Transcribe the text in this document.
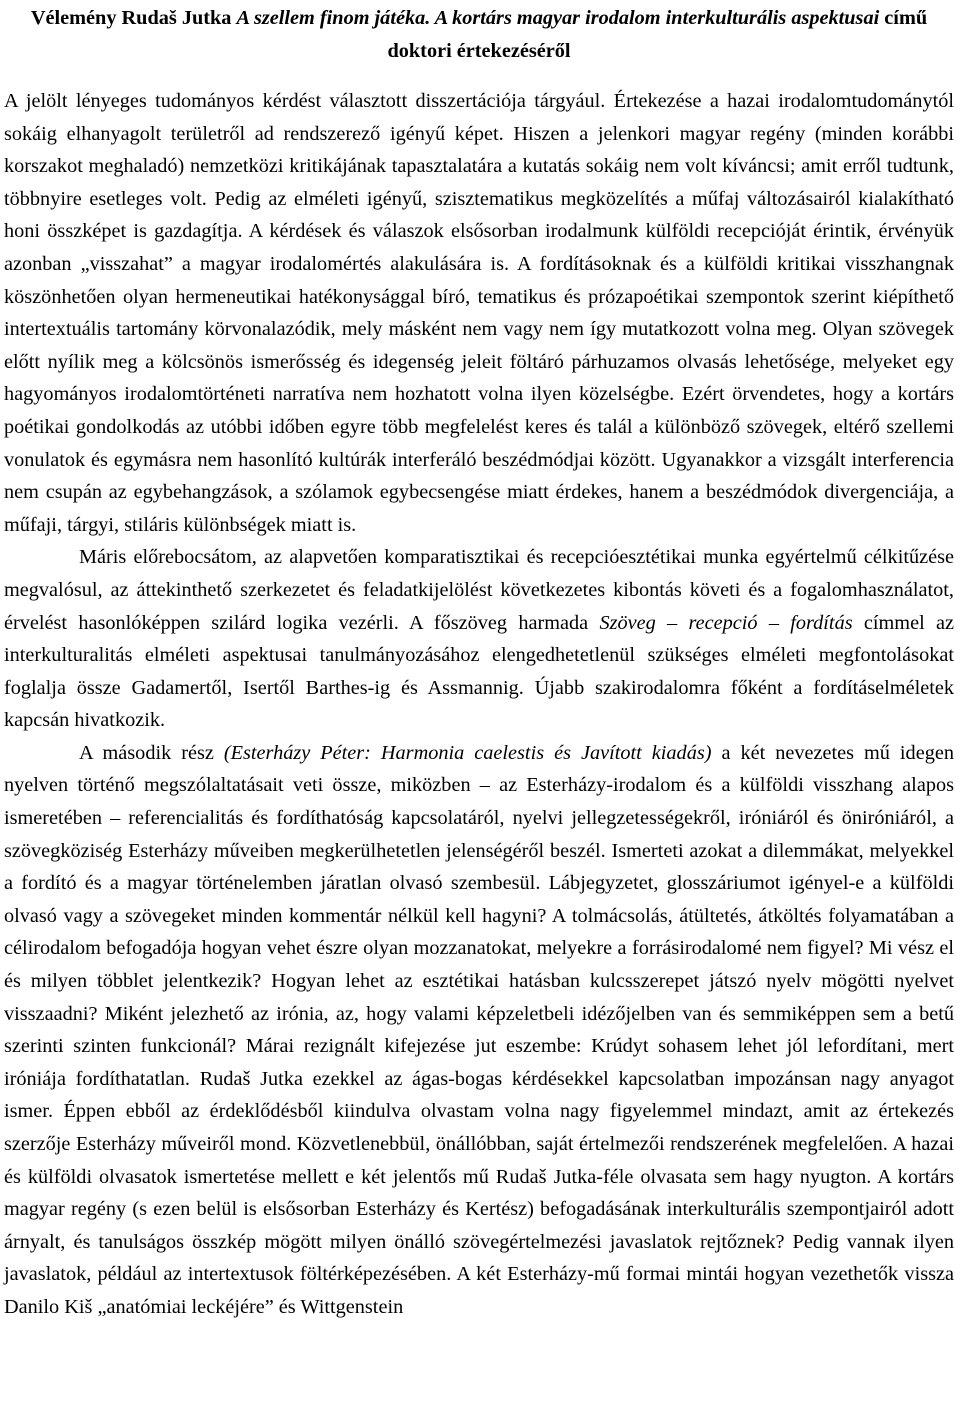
Vélemény Rudaš Jutka A szellem finom játéka. A kortárs magyar irodalom interkulturális aspektusai című doktori értekezéséről

A jelölt lényeges tudományos kérdést választott disszertációja tárgyául. Értekezése a hazai irodalomtudománytól sokáig elhanyagolt területről ad rendszerező igényű képet. Hiszen a jelenkori magyar regény (minden korábbi korszakot meghaladó) nemzetközi kritikájának tapasztalatára a kutatás sokáig nem volt kíváncsi; amit erről tudtunk, többnyire esetleges volt. Pedig az elméleti igényű, szisztematikus megközelítés a műfaj változásairól kialakítható honi összképet is gazdagítja. A kérdések és válaszok elsősorban irodalmunk külföldi recepcióját érintik, érvényük azonban „visszahat” a magyar irodalomértés alakulására is. A fordításoknak és a külföldi kritikai visszhangnak köszönhetően olyan hermeneutikai hatékonysággal bíró, tematikus és prózapoétikai szempontok szerint kiépíthető intertextuális tartomány körvonalazódik, mely másként nem vagy nem így mutatkozott volna meg. Olyan szövegek előtt nyílik meg a kölcsönös ismerősség és idegenség jeleit föltáró párhuzamos olvasás lehetősége, melyeket egy hagyományos irodalomtörténeti narratíva nem hozhatott volna ilyen közelségbe. Ezért örvendetes, hogy a kortárs poétikai gondolkodás az utóbbi időben egyre több megfelelést keres és talál a különböző szövegek, eltérő szellemi vonulatok és egymásra nem hasonlító kultúrák interferáló beszédmódjai között. Ugyanakkor a vizsgált interferencia nem csupán az egybehangzások, a szólamok egybecsengése miatt érdekes, hanem a beszédmódok divergenciája, a műfaji, tárgyi, stiláris különbségek miatt is.

Máris előrebocsátom, az alapvetően komparatisztikai és recepcióesztétikai munka egyértelmű célkitűzése megvalósul, az áttekinthető szerkezetet és feladatkijelölést következetes kibontás követi és a fogalomhasználatot, érvelést hasonlóképpen szilárd logika vezérli. A főszöveg harmada Szöveg – recepció – fordítás címmel az interkulturalitás elméleti aspektusai tanulmányozásához elengedhetetlenül szükséges elméleti megfontolásokat foglalja össze Gadamertől, Isertől Barthes-ig és Assmannig. Újabb szakirodalomra főként a fordításelméletek kapcsán hivatkozik.

A második rész (Esterházy Péter: Harmonia caelestis és Javított kiadás) a két nevezetes mű idegen nyelven történő megszólaltatásait veti össze, miközben – az Esterházy-irodalom és a külföldi visszhang alapos ismeretében – referencialitás és fordíthatóság kapcsolatáról, nyelvi jellegzetességekről, iróniáról és öniróniáról, a szövegköziség Esterházy műveiben megkerülhetetlen jelenségéről beszél. Ismerteti azokat a dilemmákat, melyekkel a fordító és a magyar történelemben járatlan olvasó szembesül. Lábjegyzetet, glosszáriumot igényel-e a külföldi olvasó vagy a szövegeket minden kommentár nélkül kell hagyni? A tolmácsolás, átültetés, átköltés folyamatában a célirodalom befogadója hogyan vehet észre olyan mozzanatokat, melyekre a forrásirodalomé nem figyel? Mi vész el és milyen többlet jelentkezik? Hogyan lehet az esztétikai hatásban kulcsszerepet játszó nyelv mögötti nyelvet visszaadni? Miként jelezhető az irónia, az, hogy valami képzeletbeli idézőjelben van és semmiképpen sem a betű szerinti szinten funkcionál? Márai rezignált kifejezése jut eszembe: Krúdyt sohasem lehet jól lefordítani, mert iróniája fordíthatatlan. Rudaš Jutka ezekkel az ágas-bogas kérdésekkel kapcsolatban impozánsan nagy anyagot ismer. Éppen ebből az érdeklődésből kiindulva olvastam volna nagy figyelemmel mindazt, amit az értekezés szerzője Esterházy műveiről mond. Közvetlenebbül, önállóbban, saját értelmezői rendszerének megfelelően. A hazai és külföldi olvasatok ismertetése mellett e két jelentős mű Rudaš Jutka-féle olvasata sem hagy nyugton. A kortárs magyar regény (s ezen belül is elsősorban Esterházy és Kertész) befogadásának interkulturális szempontjairól adott árnyalt, és tanulságos összkép mögött milyen önálló szövegértelmezési javaslatok rejtőznek? Pedig vannak ilyen javaslatok, például az intertextusok föltérképezésében. A két Esterházy-mű formai mintái hogyan vezethetők vissza Danilo Kiš „anatómiai leckéjére” és Wittgenstein
